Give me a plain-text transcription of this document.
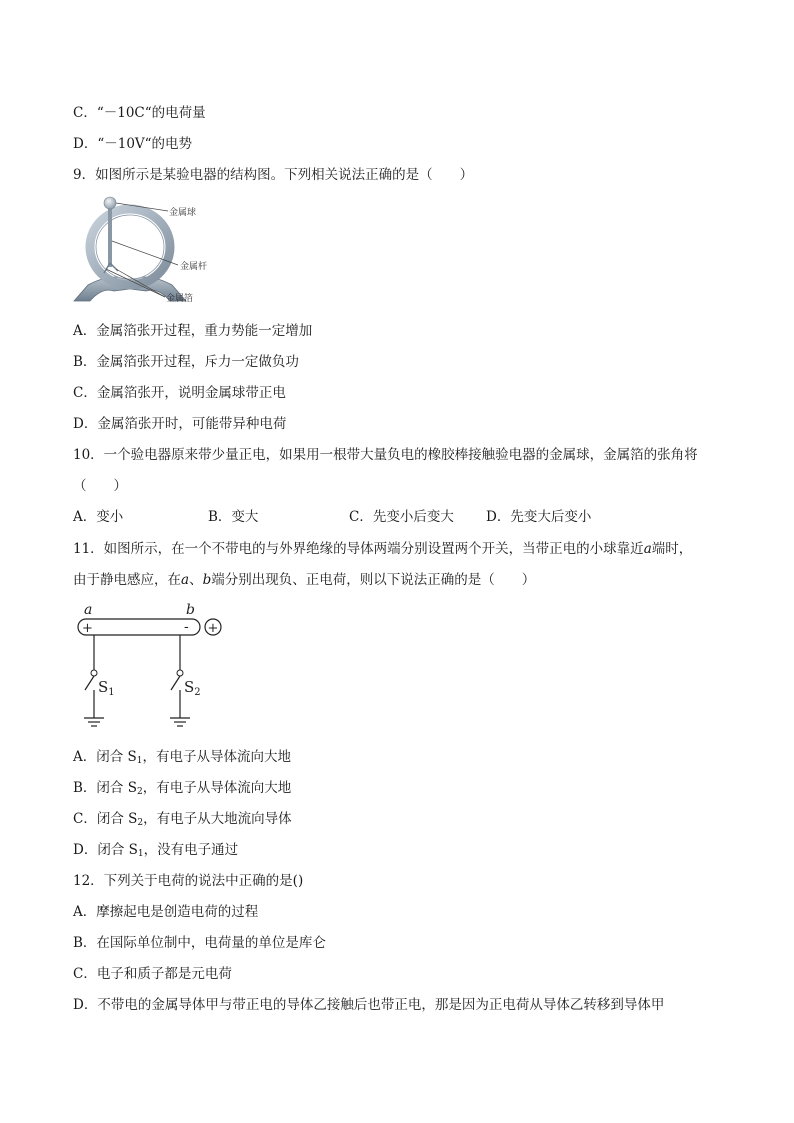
C．“－10C“的电荷量
D．“－10V“的电势
9．如图所示是某验电器的结构图。下列相关说法正确的是（　　）
金属球
金属杆
金属箔
A．金属箔张开过程，重力势能一定增加
B．金属箔张开过程，斥力一定做负功
C．金属箔张开，说明金属球带正电
D．金属箔张开时，可能带异种电荷
10．一个验电器原来带少量正电，如果用一根带大量负电的橡胶棒接触验电器的金属球，金属箔的张角将
（　　）
A．变小	B．变大	C．先变小后变大 D．先变大后变小
11．如图所示，在一个不带电的与外界绝缘的导体两端分别设置两个开关，当带正电的小球靠近a端时，
由于静电感应，在a、b端分别出现负、正电荷，则以下说法正确的是（　　）
a	b
+	- +
$S_1$	$S_2$
A．闭合 $S_1$，有电子从导体流向大地
B．闭合 $S_2$，有电子从导体流向大地
C．闭合 $S_2$，有电子从大地流向导体
D．闭合 $S_1$，没有电子通过
12．下列关于电荷的说法中正确的是()
A．摩擦起电是创造电荷的过程
B．在国际单位制中，电荷量的单位是库仑
C．电子和质子都是元电荷
D．不带电的金属导体甲与带正电的导体乙接触后也带正电，那是因为正电荷从导体乙转移到导体甲
